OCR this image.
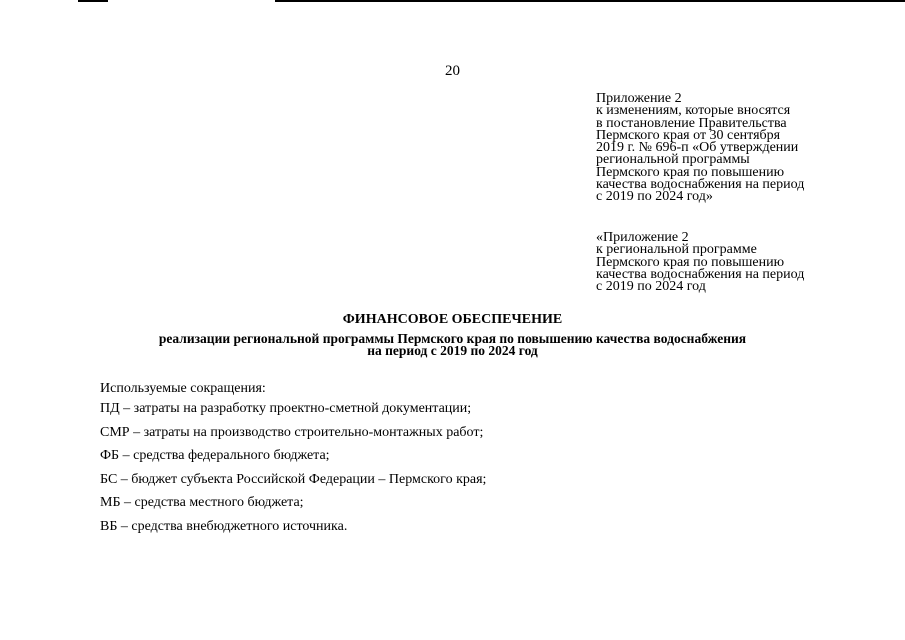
20
Приложение 2
к изменениям, которые вносятся
в постановление Правительства
Пермского края от 30 сентября
2019 г. № 696-п «Об утверждении
региональной программы
Пермского края по повышению
качества водоснабжения на период
с 2019 по 2024 год»
«Приложение 2
к региональной программе
Пермского края по повышению
качества водоснабжения на период
с 2019 по 2024 год
ФИНАНСОВОЕ ОБЕСПЕЧЕНИЕ
реализации региональной программы Пермского края по повышению качества водоснабжения
на период с 2019 по 2024 год
Используемые сокращения:
ПД – затраты на разработку проектно-сметной документации;
СМР – затраты на производство строительно-монтажных работ;
ФБ – средства федерального бюджета;
БС – бюджет субъекта Российской Федерации – Пермского края;
МБ – средства местного бюджета;
ВБ – средства внебюджетного источника.
